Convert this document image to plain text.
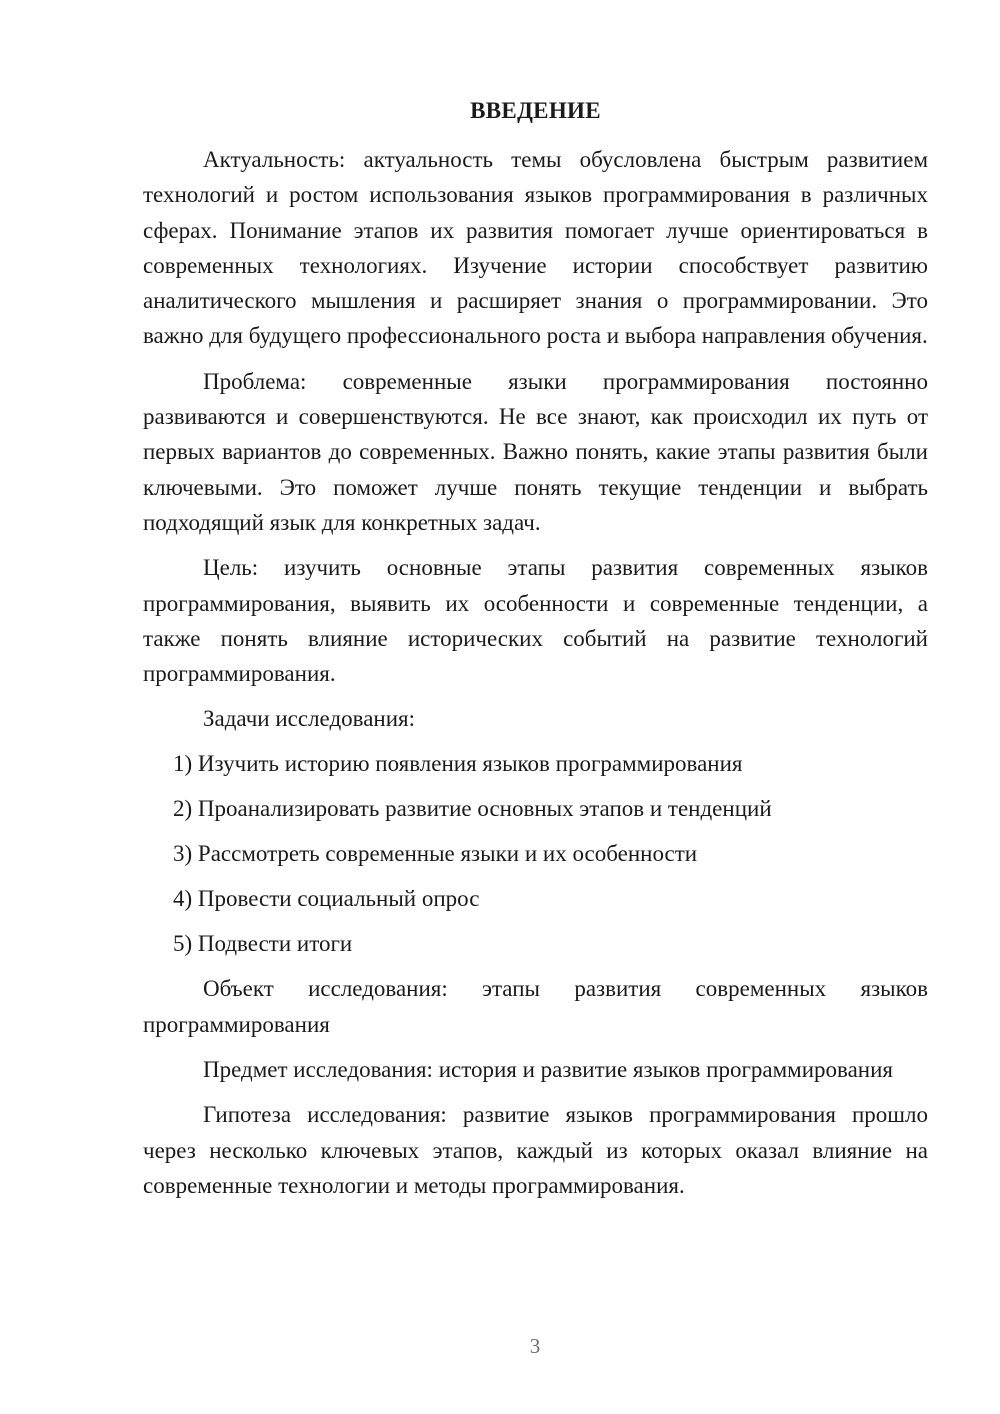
ВВЕДЕНИЕ

Актуальность: актуальность темы обусловлена быстрым развитием технологий и ростом использования языков программирования в различных сферах. Понимание этапов их развития помогает лучше ориентироваться в современных технологиях. Изучение истории способствует развитию аналитического мышления и расширяет знания о программировании. Это важно для будущего профессионального роста и выбора направления обучения.

Проблема: современные языки программирования постоянно развиваются и совершенствуются. Не все знают, как происходил их путь от первых вариантов до современных. Важно понять, какие этапы развития были ключевыми. Это поможет лучше понять текущие тенденции и выбрать подходящий язык для конкретных задач.

Цель: изучить основные этапы развития современных языков программирования, выявить их особенности и современные тенденции, а также понять влияние исторических событий на развитие технологий программирования.

Задачи исследования:

1) Изучить историю появления языков программирования
2) Проанализировать развитие основных этапов и тенденций
3) Рассмотреть современные языки и их особенности
4) Провести социальный опрос
5) Подвести итоги

Объект исследования: этапы развития современных языков программирования

Предмет исследования: история и развитие языков программирования

Гипотеза исследования: развитие языков программирования прошло через несколько ключевых этапов, каждый из которых оказал влияние на современные технологии и методы программирования.

3
